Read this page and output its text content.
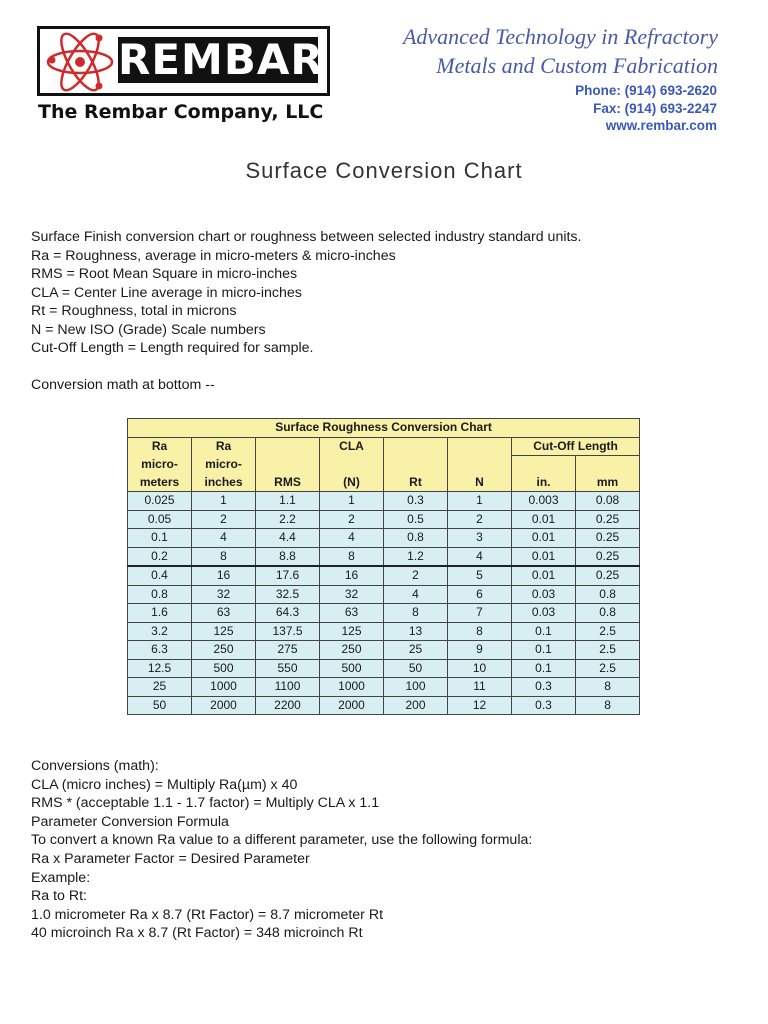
REMBAR
The Rembar Company, LLC
Advanced Technology in Refractory
Metals and Custom Fabrication
Phone: (914) 693-2620
Fax: (914) 693-2247
www.rembar.com
Surface Conversion Chart
Surface Finish conversion chart or roughness between selected industry standard units.
Ra = Roughness, average in micro-meters & micro-inches
RMS = Root Mean Square in micro-inches
CLA = Center Line average in micro-inches
Rt = Roughness, total in microns
N = New ISO (Grade) Scale numbers
Cut-Off Length = Length required for sample.

Conversion math at bottom --
Surface Roughness Conversion Chart							
Ra	Ra		CLA			Cut-Off Length	
micro-	micro-						
meters	inches	RMS	(N)	Rt	N	in.	mm
0.025	1	1.1	1	0.3	1	0.003	0.08
0.05	2	2.2	2	0.5	2	0.01	0.25
0.1	4	4.4	4	0.8	3	0.01	0.25
0.2	8	8.8	8	1.2	4	0.01	0.25
0.4	16	17.6	16	2	5	0.01	0.25
0.8	32	32.5	32	4	6	0.03	0.8
1.6	63	64.3	63	8	7	0.03	0.8
3.2	125	137.5	125	13	8	0.1	2.5
6.3	250	275	250	25	9	0.1	2.5
12.5	500	550	500	50	10	0.1	2.5
25	1000	1100	1000	100	11	0.3	8
50	2000	2200	2000	200	12	0.3	8
Conversions (math):
CLA (micro inches) = Multiply Ra(µm) x 40
RMS * (acceptable 1.1 - 1.7 factor) = Multiply CLA x 1.1
Parameter Conversion Formula
To convert a known Ra value to a different parameter, use the following formula:
Ra x Parameter Factor = Desired Parameter
Example:
Ra to Rt:
1.0 micrometer Ra x 8.7 (Rt Factor) = 8.7 micrometer Rt
40 microinch Ra x 8.7 (Rt Factor) = 348 microinch Rt
